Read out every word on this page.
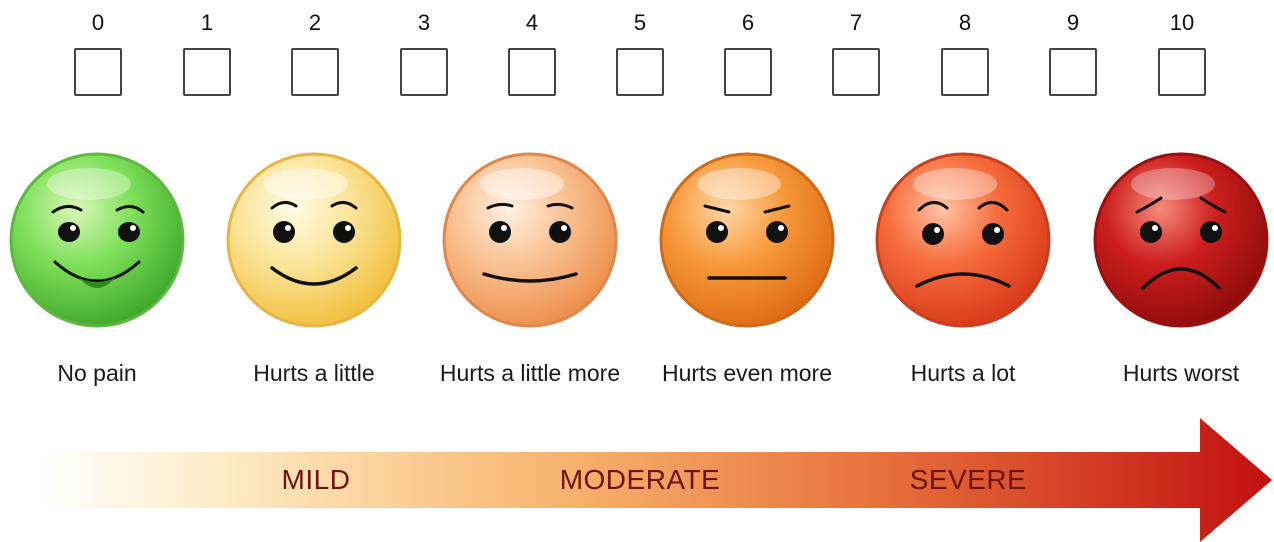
0	1	2	3	4	5	6	7	8	9	10
No pain	Hurts a little	Hurts a little more	Hurts even more	Hurts a lot	Hurts worst
MILD	MODERATE	SEVERE
